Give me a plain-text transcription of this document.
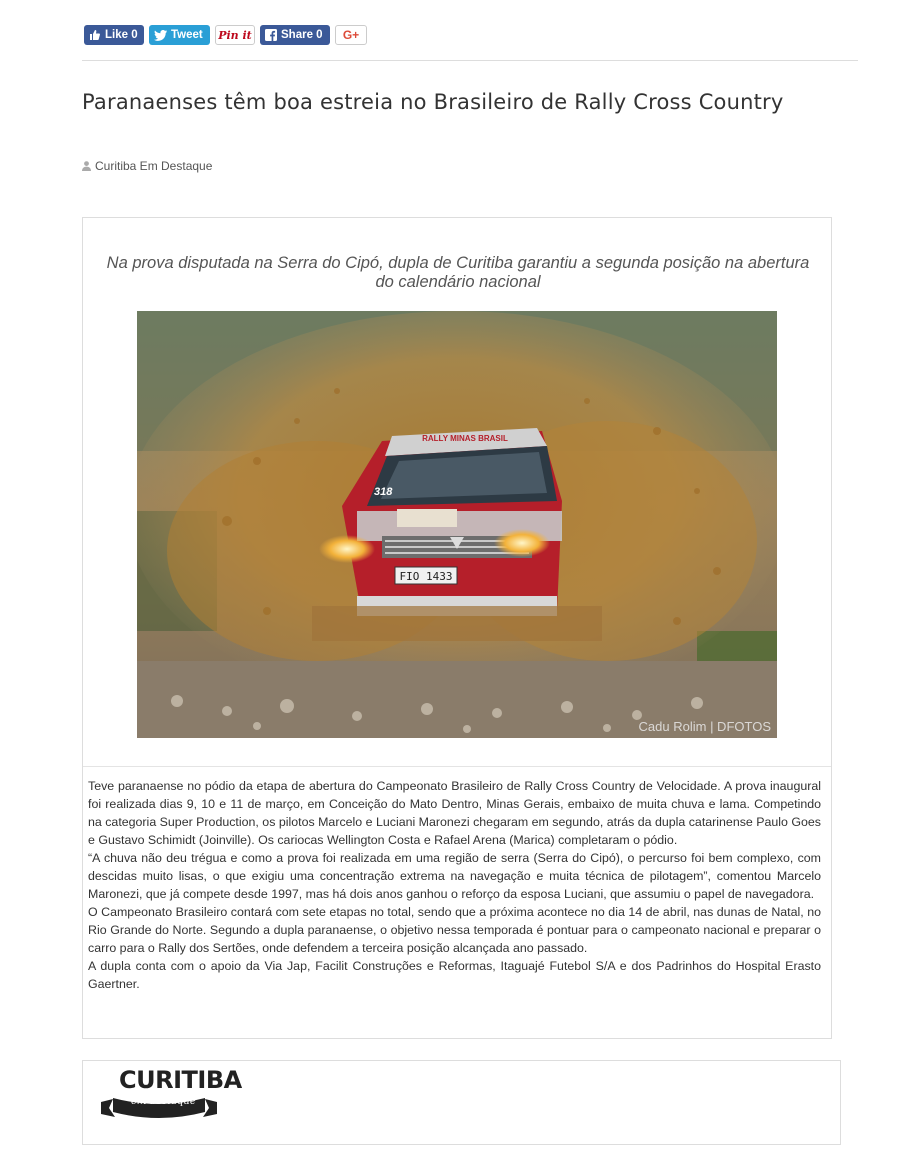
Like
0	Tweet Pin it	Share
0 G+
Paranaenses têm boa estreia no Brasileiro de Rally Cross Country
Curitiba Em Destaque
Na prova disputada na Serra do Cipó, dupla de Curitiba garantiu a segunda posição na abertura do calendário nacional
RALLY MINAS BRASIL
318
FIO 1433
Cadu Rolim | DFOTOS

Teve paranaense no pódio da etapa de abertura do Campeonato Brasileiro de Rally Cross Country de Velocidade. A prova inaugural foi realizada dias 9, 10 e 11 de março, em Conceição do Mato Dentro, Minas Gerais, embaixo de muita chuva e lama. Competindo na categoria Super Production, os pilotos Marcelo e Luciani Maronezi chegaram em segundo, atrás da dupla catarinense Paulo Goes e Gustavo Schimidt (Joinville). Os cariocas Wellington Costa e Rafael Arena (Marica) completaram o pódio.

“A chuva não deu trégua e como a prova foi realizada em uma região de serra (Serra do Cipó), o percurso foi bem complexo, com descidas muito lisas, o que exigiu uma concentração extrema na navegação e muita técnica de pilotagem”, comentou Marcelo Maronezi, que já compete desde 1997, mas há dois anos ganhou o reforço da esposa Luciani, que assumiu o papel de navegadora.

O Campeonato Brasileiro contará com sete etapas no total, sendo que a próxima acontece no dia 14 de abril, nas dunas de Natal, no Rio Grande do Norte. Segundo a dupla paranaense, o objetivo nessa temporada é pontuar para o campeonato nacional e preparar o carro para o Rally dos Sertões, onde defendem a terceira posição alcançada ano passado.

A dupla conta com o apoio da Via Jap, Facilit Construções e Reformas, Itaguajé Futebol S/A e dos Padrinhos do Hospital Erasto Gaertner.

CURITIBA
em destaque
